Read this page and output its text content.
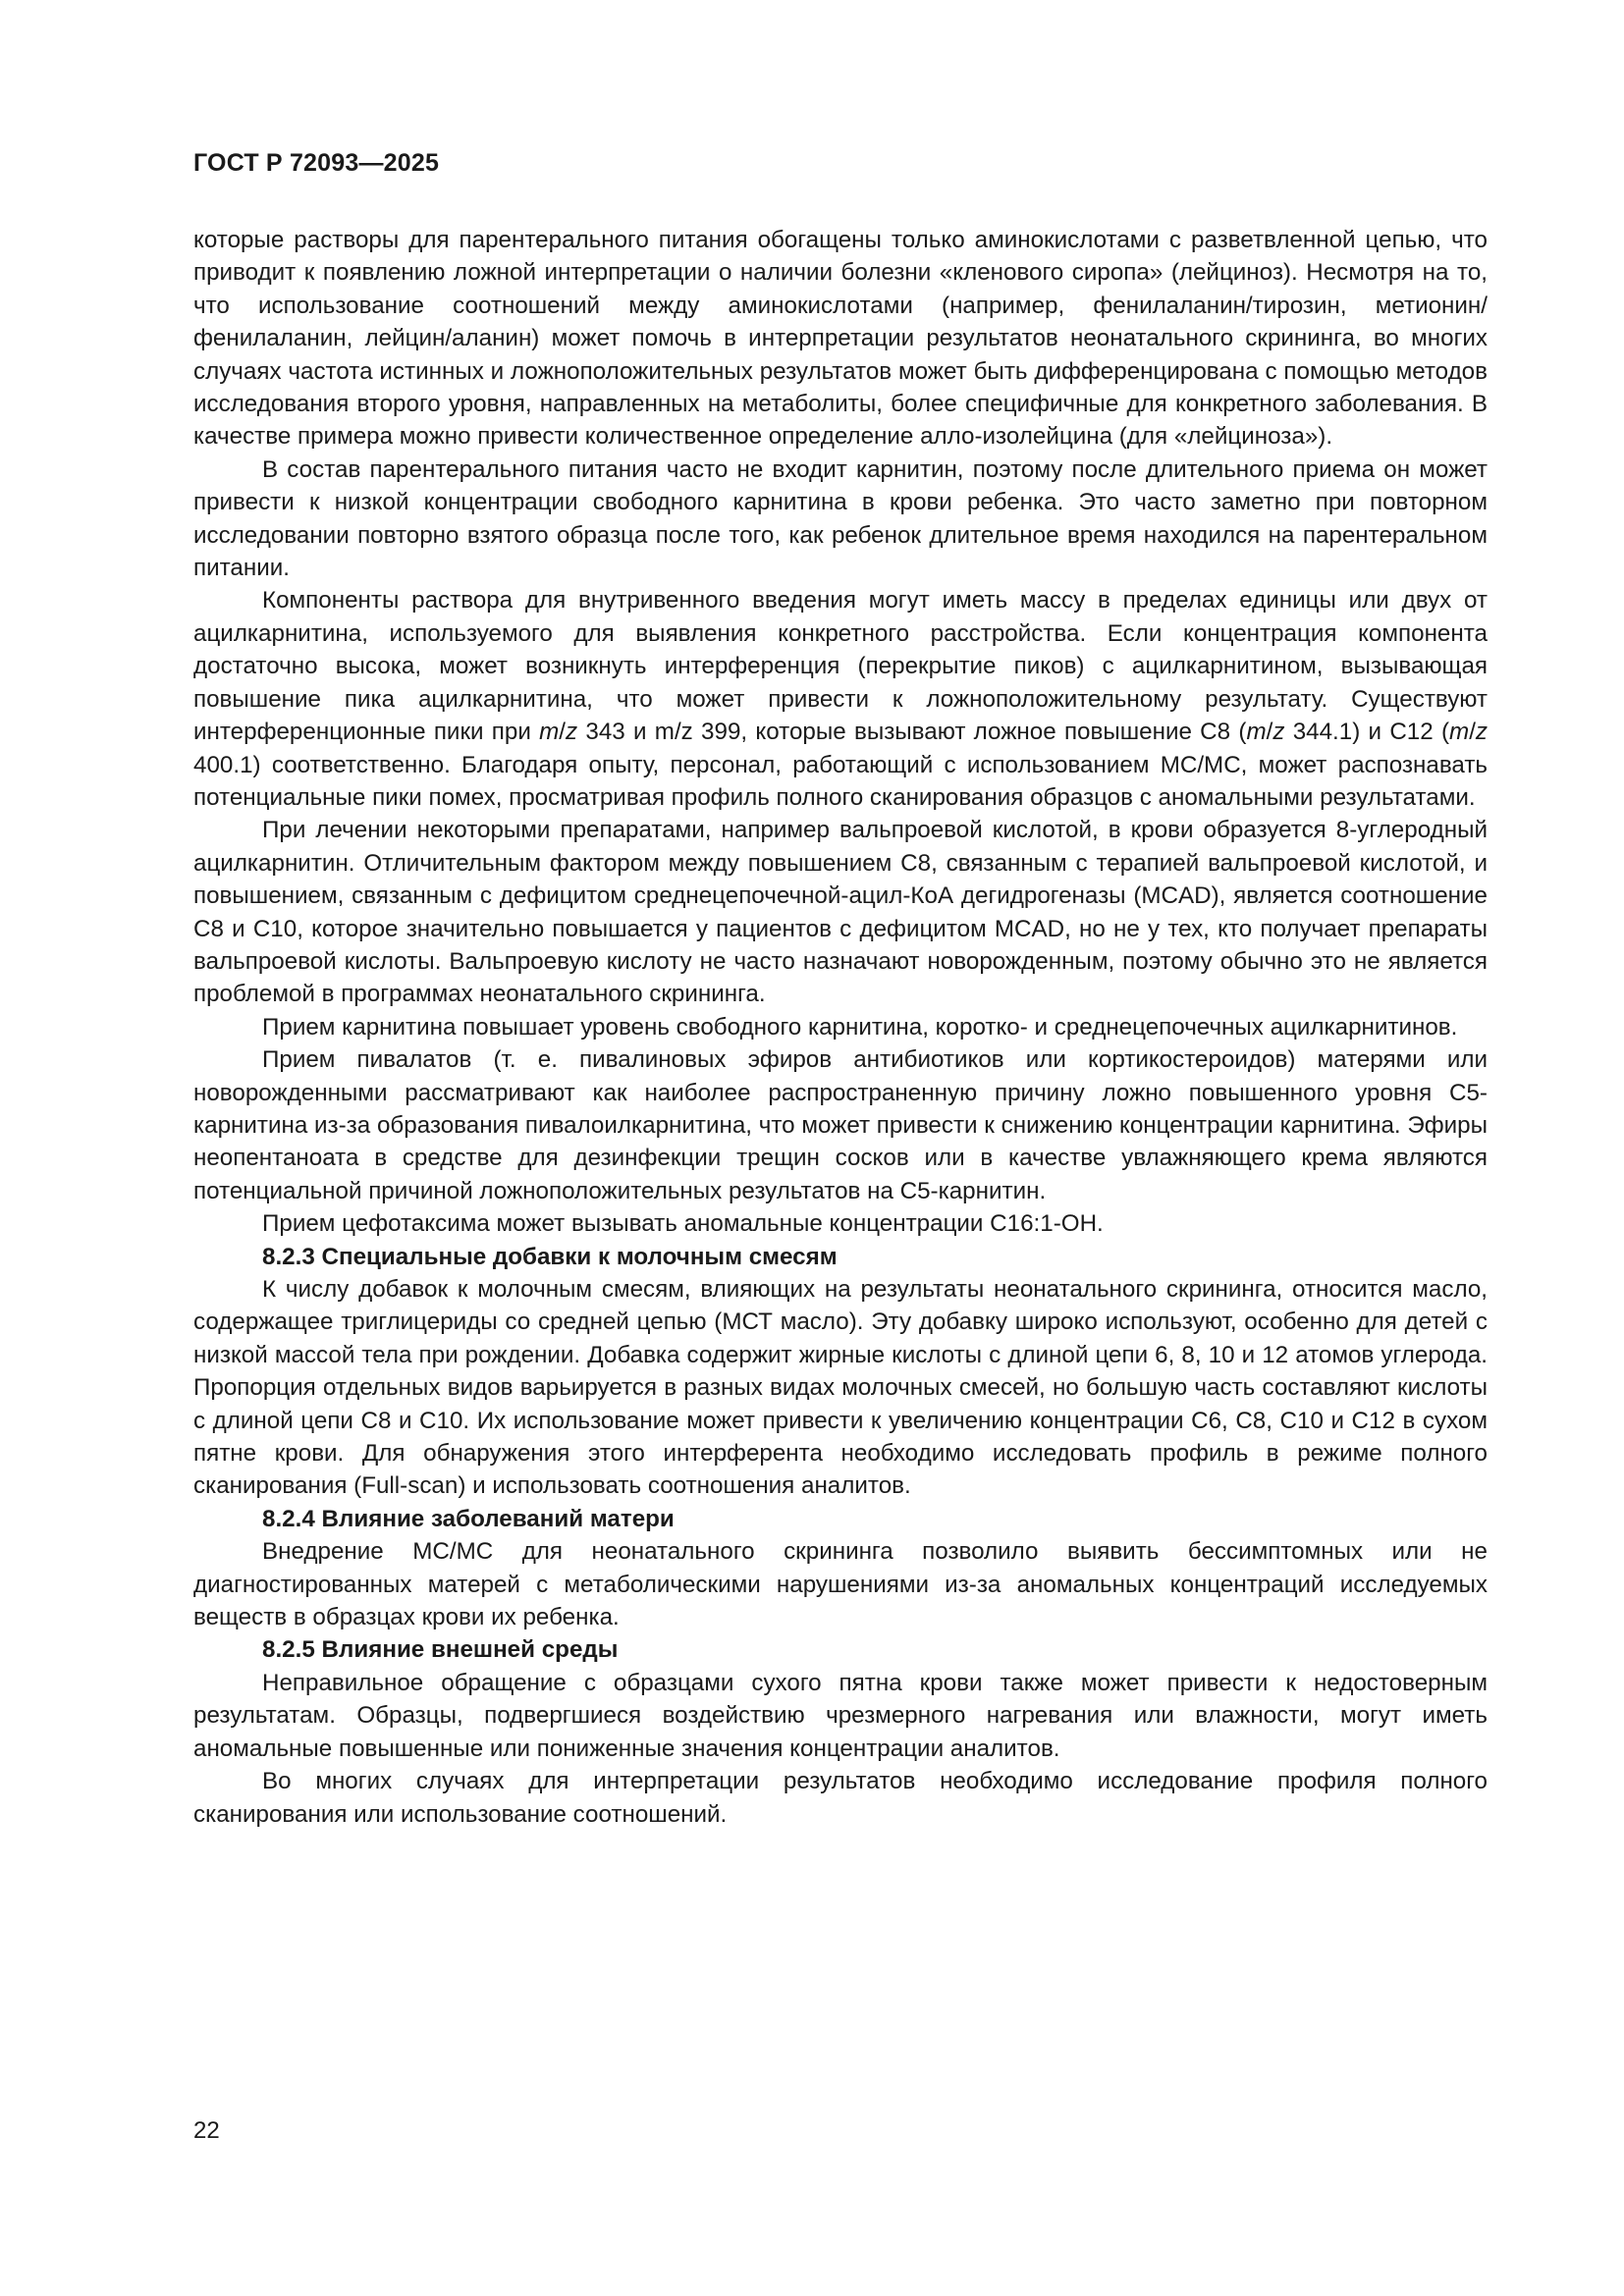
ГОСТ Р 72093—2025

которые растворы для парентерального питания обогащены только аминокислотами с разветвленной цепью, что приводит к появлению ложной интерпретации о наличии болезни «кленового сиропа» (лейциноз). Несмотря на то, что использование соотношений между аминокислотами (например, фенилаланин/тирозин, метионин/фенилаланин, лейцин/аланин) может помочь в интерпретации результатов неонатального скрининга, во многих случаях частота истинных и ложноположительных результатов может быть дифференцирована с помощью методов исследования второго уровня, направленных на метаболиты, более специфичные для конкретного заболевания. В качестве примера можно привести количественное определение алло-изолейцина (для «лейциноза»).

В состав парентерального питания часто не входит карнитин, поэтому после длительного приема он может привести к низкой концентрации свободного карнитина в крови ребенка. Это часто заметно при повторном исследовании повторно взятого образца после того, как ребенок длительное время находился на парентеральном питании.

Компоненты раствора для внутривенного введения могут иметь массу в пределах единицы или двух от ацилкарнитина, используемого для выявления конкретного расстройства. Если концентрация компонента достаточно высока, может возникнуть интерференция (перекрытие пиков) с ацилкарнитином, вызывающая повышение пика ацилкарнитина, что может привести к ложноположительному результату. Существуют интерференционные пики при m/z 343 и m/z 399, которые вызывают ложное повышение C8 (m/z 344.1) и C12 (m/z 400.1) соответственно. Благодаря опыту, персонал, работающий с использованием МС/МС, может распознавать потенциальные пики помех, просматривая профиль полного сканирования образцов с аномальными результатами.

При лечении некоторыми препаратами, например вальпроевой кислотой, в крови образуется 8-углеродный ацилкарнитин. Отличительным фактором между повышением C8, связанным с терапией вальпроевой кислотой, и повышением, связанным с дефицитом среднецепочечной-ацил-КоА дегидрогеназы (MCAD), является соотношение C8 и C10, которое значительно повышается у пациентов с дефицитом MCAD, но не у тех, кто получает препараты вальпроевой кислоты. Вальпроевую кислоту не часто назначают новорожденным, поэтому обычно это не является проблемой в программах неонатального скрининга.

Прием карнитина повышает уровень свободного карнитина, коротко- и среднецепочечных ацилкарнитинов.

Прием пивалатов (т. е. пивалиновых эфиров антибиотиков или кортикостероидов) матерями или новорожденными рассматривают как наиболее распространенную причину ложно повышенного уровня C5-карнитина из-за образования пивалоилкарнитина, что может привести к снижению концентрации карнитина. Эфиры неопентаноата в средстве для дезинфекции трещин сосков или в качестве увлажняющего крема являются потенциальной причиной ложноположительных результатов на C5-карнитин.

Прием цефотаксима может вызывать аномальные концентрации C16:1-OH.

8.2.3 Специальные добавки к молочным смесям

К числу добавок к молочным смесям, влияющих на результаты неонатального скрининга, относится масло, содержащее триглицериды со средней цепью (МСТ масло). Эту добавку широко используют, особенно для детей с низкой массой тела при рождении. Добавка содержит жирные кислоты с длиной цепи 6, 8, 10 и 12 атомов углерода. Пропорция отдельных видов варьируется в разных видах молочных смесей, но большую часть составляют кислоты с длиной цепи C8 и C10. Их использование может привести к увеличению концентрации C6, C8, C10 и C12 в сухом пятне крови. Для обнаружения этого интерферента необходимо исследовать профиль в режиме полного сканирования (Full-scan) и использовать соотношения аналитов.

8.2.4 Влияние заболеваний матери

Внедрение МС/МС для неонатального скрининга позволило выявить бессимптомных или не диагностированных матерей с метаболическими нарушениями из-за аномальных концентраций исследуемых веществ в образцах крови их ребенка.

8.2.5 Влияние внешней среды

Неправильное обращение с образцами сухого пятна крови также может привести к недостоверным результатам. Образцы, подвергшиеся воздействию чрезмерного нагревания или влажности, могут иметь аномальные повышенные или пониженные значения концентрации аналитов.

Во многих случаях для интерпретации результатов необходимо исследование профиля полного сканирования или использование соотношений.

22
